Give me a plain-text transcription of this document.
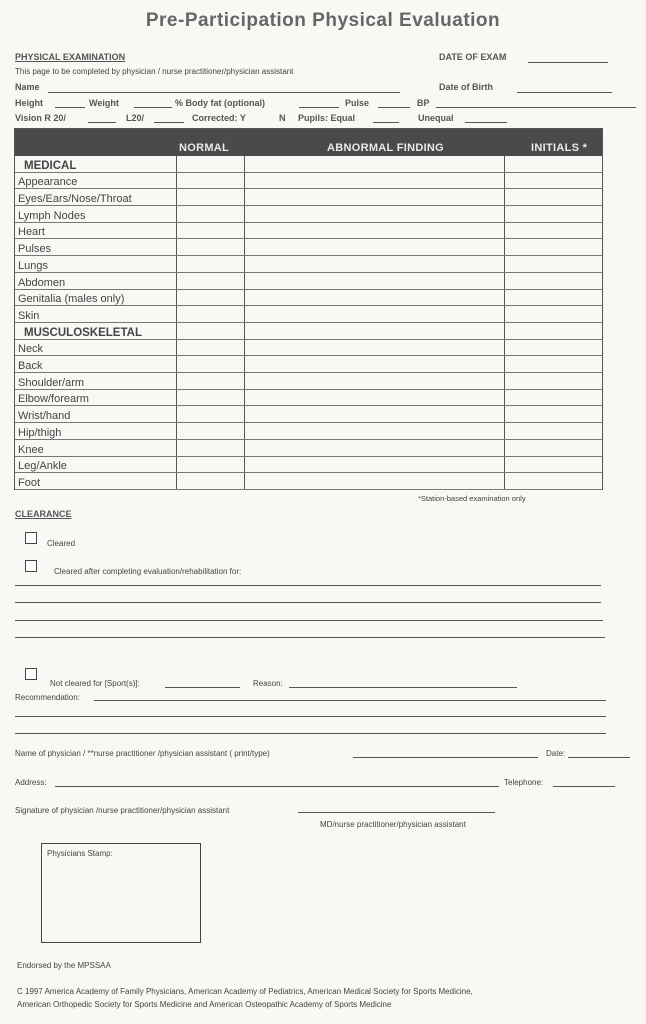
Pre-Participation Physical Evaluation
PHYSICAL EXAMINATION	DATE OF EXAM
This page to be completed by physician / nurse practitioner/physician assistant
Name	Date of Birth
Height	Weight	% Body fat (optional)	Pulse	BP
Vision R 20/	L20/	Corrected: Y	N Pupils: Equal	Unequal
NORMAL	ABNORMAL FINDING	INITIALS *
MEDICAL
Appearance
Eyes/Ears/Nose/Throat
Lymph Nodes
Heart
Pulses
Lungs
Abdomen
Genitalia (males only)
Skin
MUSCULOSKELETAL
Neck
Back
Shoulder/arm
Elbow/forearm
Wrist/hand
Hip/thigh
Knee
Leg/Ankle
Foot
*Station-based examination only
CLEARANCE
Cleared
Cleared after completing evaluation/rehabilitation for:
Not cleared for [Sport(s)]:	Reason:
Recommendation:
Name of physician / **nurse practitioner /physician assistant ( print/type)	Date:
Address:	Telephone:
Signature of physician /nurse practitioner/physician assistant
MD/nurse practitioner/physician assistant
Physicians Stamp:
Endorsed by the MPSSAA
C 1997 America Academy of Family Physicians, American Academy of Pediatrics, American Medical Society for Sports Medicine,
American Orthopedic Society for Sports Medicine and American Osteopathic Academy of Sports Medicine
